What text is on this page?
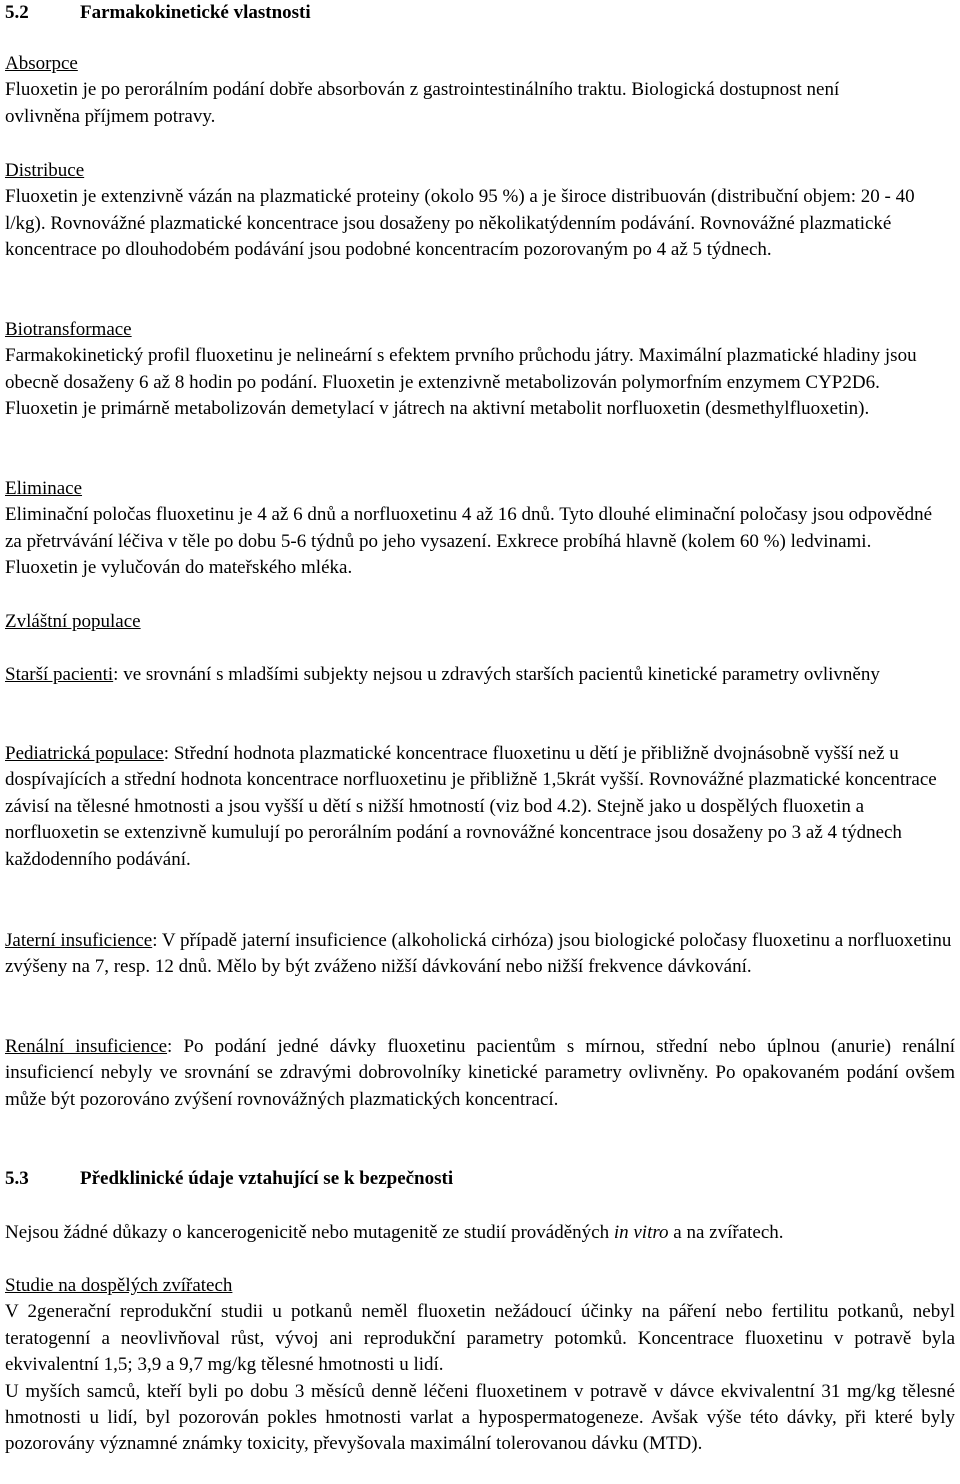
5.2	Farmakokinetické vlastnosti

Absorpce

Fluoxetin je po perorálním podání dobře absorbován z gastrointestinálního traktu. Biologická dostupnost není ovlivněna příjmem potravy.

Distribuce

Fluoxetin je extenzivně vázán na plazmatické proteiny (okolo 95 %) a je široce distribuován (distribuční objem: 20 - 40 l/kg). Rovnovážné plazmatické koncentrace jsou dosaženy po několikatýdenním podávání. Rovnovážné plazmatické koncentrace po dlouhodobém podávání jsou podobné koncentracím pozorovaným po 4 až 5 týdnech.

Biotransformace

Farmakokinetický profil fluoxetinu je nelineární s efektem prvního průchodu játry. Maximální plazmatické hladiny jsou obecně dosaženy 6 až 8 hodin po podání. Fluoxetin je extenzivně metabolizován polymorfním enzymem CYP2D6. Fluoxetin je primárně metabolizován demetylací v játrech na aktivní metabolit norfluoxetin (desmethylfluoxetin).

Eliminace

Eliminační poločas fluoxetinu je 4 až 6 dnů a norfluoxetinu 4 až 16 dnů. Tyto dlouhé eliminační poločasy jsou odpovědné za přetrvávání léčiva v těle po dobu 5-6 týdnů po jeho vysazení. Exkrece probíhá hlavně (kolem 60 %) ledvinami. Fluoxetin je vylučován do mateřského mléka.

Zvláštní populace

Starší pacienti: ve srovnání s mladšími subjekty nejsou u zdravých starších pacientů kinetické parametry ovlivněny

Pediatrická populace: Střední hodnota plazmatické koncentrace fluoxetinu u dětí je přibližně dvojnásobně vyšší než u dospívajících a střední hodnota koncentrace norfluoxetinu je přibližně 1,5krát vyšší. Rovnovážné plazmatické koncentrace závisí na tělesné hmotnosti a jsou vyšší u dětí s nižší hmotností (viz bod 4.2). Stejně jako u dospělých fluoxetin a norfluoxetin se extenzivně kumulují po perorálním podání a rovnovážné koncentrace jsou dosaženy po 3 až 4 týdnech každodenního podávání.

Jaterní insuficience: V případě jaterní insuficience (alkoholická cirhóza) jsou biologické poločasy fluoxetinu a norfluoxetinu zvýšeny na 7, resp. 12 dnů. Mělo by být zváženo nižší dávkování nebo nižší frekvence dávkování.

Renální insuficience: Po podání jedné dávky fluoxetinu pacientům s mírnou, střední nebo úplnou (anurie) renální insuficiencí nebyly ve srovnání se zdravými dobrovolníky kinetické parametry ovlivněny. Po opakovaném podání ovšem může být pozorováno zvýšení rovnovážných plazmatických koncentrací.

5.3	Předklinické údaje vztahující se k bezpečnosti

Nejsou žádné důkazy o kancerogenicitě nebo mutagenitě ze studií prováděných in vitro a na zvířatech.

Studie na dospělých zvířatech

V 2generační reprodukční studii u potkanů neměl fluoxetin nežádoucí účinky na páření nebo fertilitu potkanů, nebyl teratogenní a neovlivňoval růst, vývoj ani reprodukční parametry potomků. Koncentrace fluoxetinu v potravě byla ekvivalentní 1,5; 3,9 a 9,7 mg/kg tělesné hmotnosti u lidí.

U myších samců, kteří byli po dobu 3 měsíců denně léčeni fluoxetinem v potravě v dávce ekvivalentní 31 mg/kg tělesné hmotnosti u lidí, byl pozorován pokles hmotnosti varlat a hypospermatogeneze. Avšak výše této dávky, při které byly pozorovány významné známky toxicity, převyšovala maximální tolerovanou dávku (MTD).
